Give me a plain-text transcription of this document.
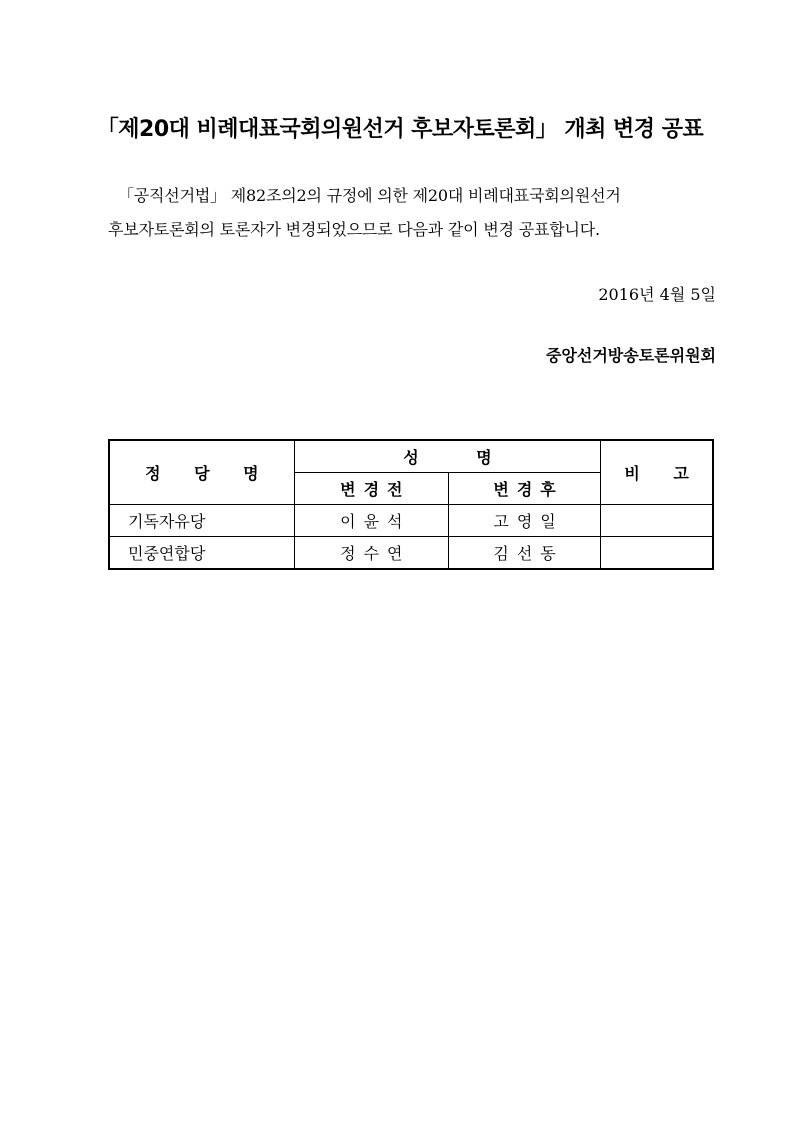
「제20대 비례대표국회의원선거 후보자토론회」 개최 변경 공표
「공직선거법」 제82조의2의 규정에 의한 제20대 비례대표국회의원선거
후보자토론회의 토론자가 변경되었으므로 다음과 같이 변경 공표합니다.
2016년 4월 5일
중앙선거방송토론위원회
정 당 명	성 명		비 고
	변경전	변경후	
기독자유당	이윤석	고영일	
민중연합당	정수연	김선동	
